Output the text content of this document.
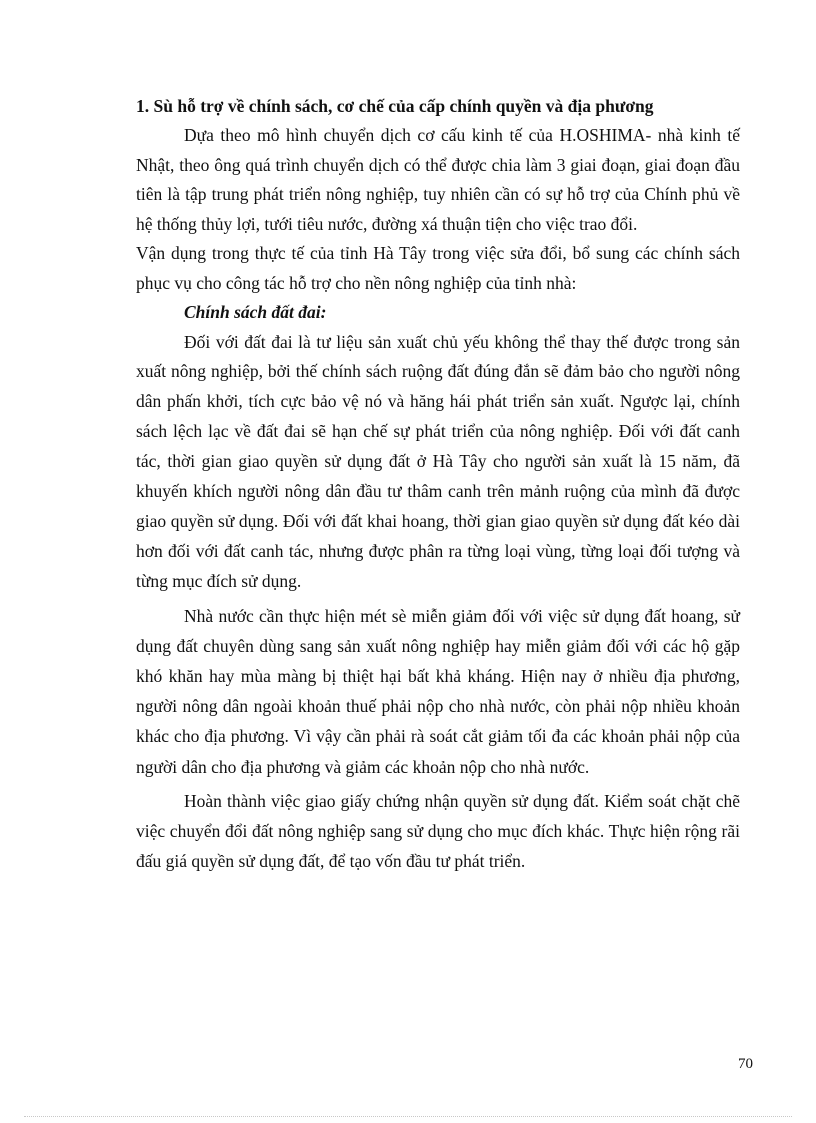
1. Sù hỗ trợ về chính sách, cơ chế của cấp chính quyền và địa phương

Dựa theo mô hình chuyển dịch cơ cấu kinh tế của H.OSHIMA- nhà kinh tế Nhật, theo ông quá trình chuyển dịch có thể được chia làm 3 giai đoạn, giai đoạn đầu tiên là tập trung phát triển nông nghiệp, tuy nhiên cần có sự hỗ trợ của Chính phủ về hệ thống thủy lợi, tưới tiêu nước, đường xá thuận tiện cho việc trao đổi.

Vận dụng trong thực tế của tỉnh Hà Tây trong việc sửa đổi, bổ sung các chính sách phục vụ cho công tác hỗ trợ cho nền nông nghiệp của tỉnh nhà:

Chính sách đất đai:

Đối với đất đai là tư liệu sản xuất chủ yếu không thể thay thế được trong sản xuất nông nghiệp, bởi thế chính sách ruộng đất đúng đắn sẽ đảm bảo cho người nông dân phấn khởi, tích cực bảo vệ nó và hăng hái phát triển sản xuất. Ngược lại, chính sách lệch lạc về đất đai sẽ hạn chế sự phát triển của nông nghiệp. Đối với đất canh tác, thời gian giao quyền sử dụng đất ở Hà Tây cho người sản xuất là 15 năm, đã khuyến khích người nông dân đầu tư thâm canh trên mảnh ruộng của mình đã được giao quyền sử dụng. Đối với đất khai hoang, thời gian giao quyền sử dụng đất kéo dài hơn đối với đất canh tác, nhưng được phân ra từng loại vùng, từng loại đối tượng và từng mục đích sử dụng.

Nhà nước cần thực hiện mét sè miễn giảm đối với việc sử dụng đất hoang, sử dụng đất chuyên dùng sang sản xuất nông nghiệp hay miễn giảm đối với các hộ gặp khó khăn hay mùa màng bị thiệt hại bất khả kháng. Hiện nay ở nhiều địa phương, người nông dân ngoài khoản thuế phải nộp cho nhà nước, còn phải nộp nhiều khoản khác cho địa phương. Vì vậy cần phải rà soát cắt giảm tối đa các khoản phải nộp của người dân cho địa phương và giảm các khoản nộp cho nhà nước.

Hoàn thành việc giao giấy chứng nhận quyền sử dụng đất. Kiểm soát chặt chẽ việc chuyển đổi đất nông nghiệp sang sử dụng cho mục đích khác. Thực hiện rộng rãi đấu giá quyền sử dụng đất, để tạo vốn đầu tư phát triển.

70
